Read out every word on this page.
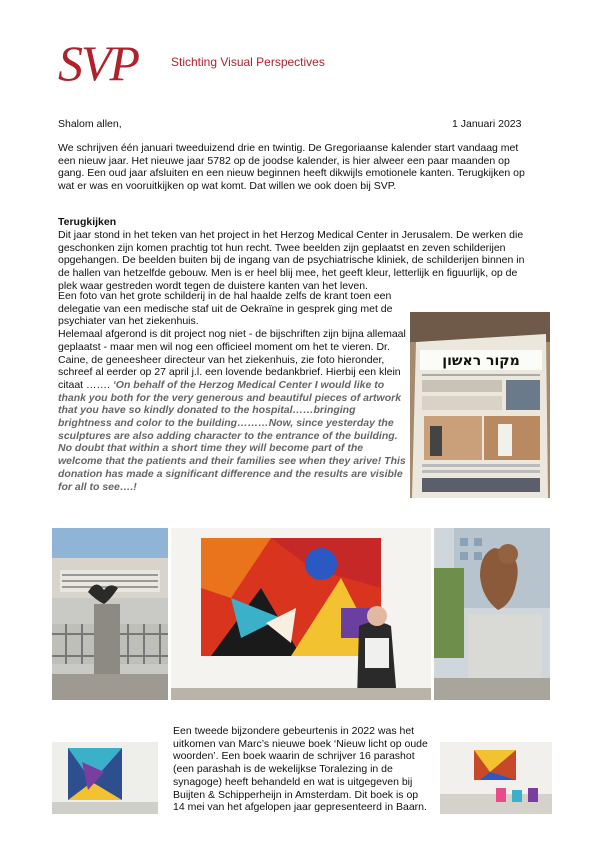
SVP	Stichting Visual Perspectives
Shalom allen,	1 Januari 2023

We schrijven één januari tweeduizend drie en twintig. De Gregoriaanse kalender start vandaag met een nieuw jaar. Het nieuwe jaar 5782 op de joodse kalender, is hier alweer een paar maanden op gang. Een oud jaar afsluiten en een nieuw beginnen heeft dikwijls emotionele kanten. Terugkijken op wat er was en vooruitkijken op wat komt. Dat willen we ook doen bij SVP.

Terugkijken

Dit jaar stond in het teken van het project in het Herzog Medical Center in Jerusalem. De werken die geschonken zijn komen prachtig tot hun recht. Twee beelden zijn geplaatst en zeven schilderijen opgehangen. De beelden buiten bij de ingang van de psychiatrische kliniek, de schilderijen binnen in de hallen van hetzelfde gebouw. Men is er heel blij mee, het geeft kleur, letterlijk en figuurlijk, op de plek waar gestreden wordt tegen de duistere kanten van het leven.

Een foto van het grote schilderij in de hal haalde zelfs de krant toen een delegatie van een medische staf uit de Oekraïne in gesprek ging met de psychiater van het ziekenhuis.

Helemaal afgerond is dit project nog niet - de bijschriften zijn bijna allemaal geplaatst - maar men wil nog een officieel moment om het te vieren. Dr. Caine, de geneesheer directeur van het ziekenhuis, zie foto hieronder, schreef al eerder op 27 april j.l. een lovende bedankbrief. Hierbij een klein citaat ……. ‘On behalf of the Herzog Medical Center I would like to thank you both for the very generous and beautiful pieces of artwork that you have so kindly donated to the hospital……bringing brightness and color to the building………Now, since yesterday the sculptures are also adding character to the entrance of the building. No doubt that within a short time they will become part of the welcome that the patients and their families see when they arive! This donation has made a significant difference and the results are visible for all to see….!

מקור ראשון

Een tweede bijzondere gebeurtenis in 2022 was het uitkomen van Marc’s nieuwe boek ‘Nieuw licht op oude woorden’. Een boek waarin de schrijver 16 parashot (een parashah is de wekelijkse Toralezing in de synagoge) heeft behandeld en wat is uitgegeven bij Buijten & Schipperheijn in Amsterdam. Dit boek is op 14 mei van het afgelopen jaar gepresenteerd in Baarn.
